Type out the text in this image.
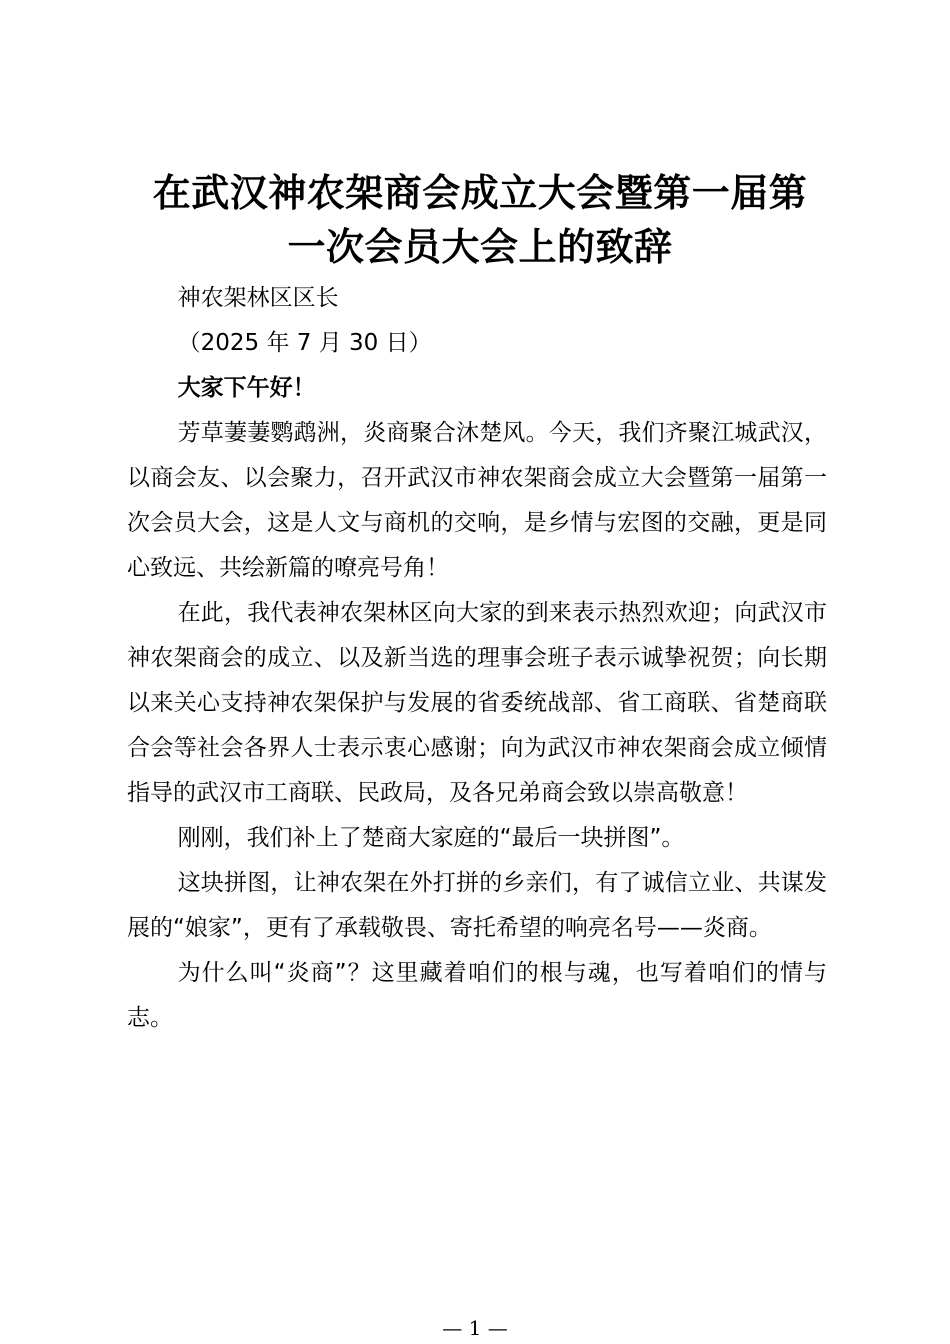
在武汉神农架商会成立大会暨第一届第
一次会员大会上的致辞

神农架林区区长

（2025 年 7 月 30 日）

大家下午好！

芳草萋萋鹦鹉洲，炎商聚合沐楚风。今天，我们齐聚江城武汉，以商会友、以会聚力，召开武汉市神农架商会成立大会暨第一届第一次会员大会，这是人文与商机的交响，是乡情与宏图的交融，更是同心致远、共绘新篇的嘹亮号角！

在此，我代表神农架林区向大家的到来表示热烈欢迎；向武汉市神农架商会的成立、以及新当选的理事会班子表示诚挚祝贺；向长期以来关心支持神农架保护与发展的省委统战部、省工商联、省楚商联合会等社会各界人士表示衷心感谢；向为武汉市神农架商会成立倾情指导的武汉市工商联、民政局，及各兄弟商会致以崇高敬意！

刚刚，我们补上了楚商大家庭的“最后一块拼图”。

这块拼图，让神农架在外打拼的乡亲们，有了诚信立业、共谋发展的“娘家”，更有了承载敬畏、寄托希望的响亮名号——炎商。

为什么叫“炎商”？这里藏着咱们的根与魂，也写着咱们的情与志。

— 1 —
